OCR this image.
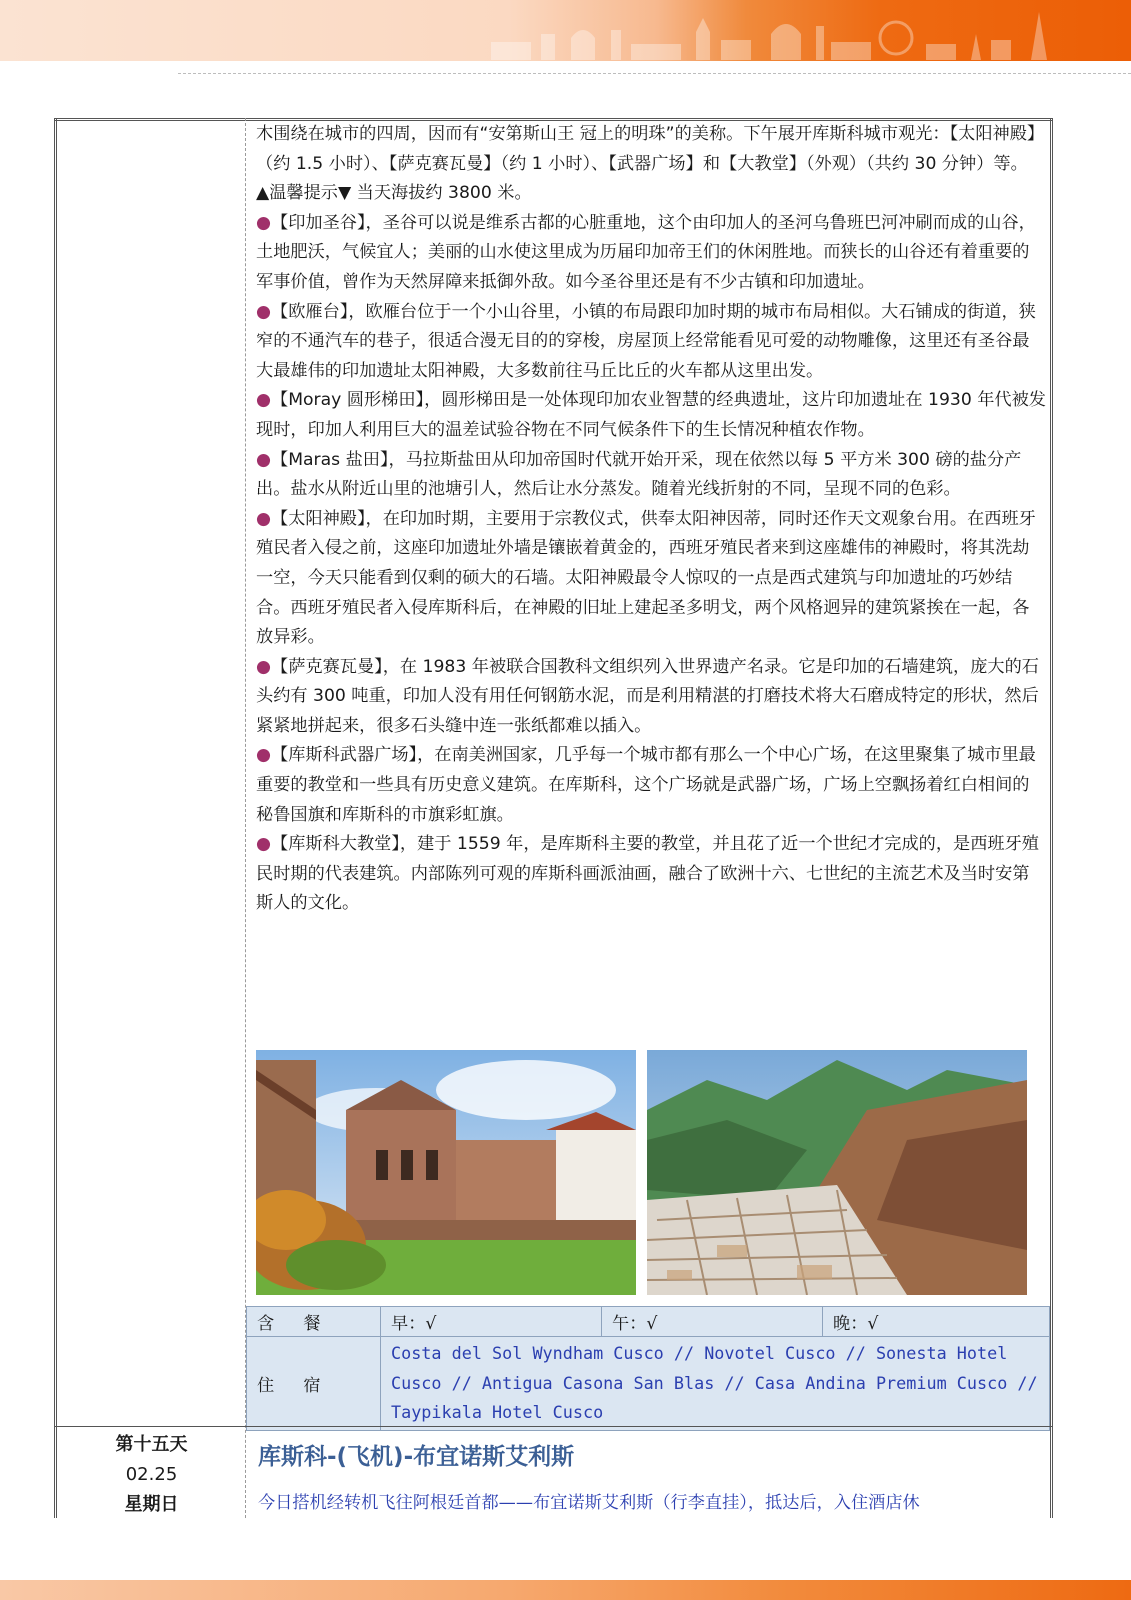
木围绕在城市的四周，因而有“安第斯山王 冠上的明珠”的美称。下午展开库斯科城市观光：【太阳神殿】（约 1.5 小时）、【萨克赛瓦曼】（约 1 小时）、【武器广场】和【大教堂】（外观）（共约 30 分钟）等。

▲温馨提示▼ 当天海拔约 3800 米。

●【印加圣谷】，圣谷可以说是维系古都的心脏重地，这个由印加人的圣河乌鲁班巴河冲刷而成的山谷，土地肥沃，气候宜人；美丽的山水使这里成为历届印加帝王们的休闲胜地。而狭长的山谷还有着重要的军事价值，曾作为天然屏障来抵御外敌。如今圣谷里还是有不少古镇和印加遗址。

●【欧雁台】，欧雁台位于一个小山谷里，小镇的布局跟印加时期的城市布局相似。大石铺成的街道，狭窄的不通汽车的巷子，很适合漫无目的的穿梭，房屋顶上经常能看见可爱的动物雕像，这里还有圣谷最大最雄伟的印加遗址太阳神殿，大多数前往马丘比丘的火车都从这里出发。

●【Moray 圆形梯田】，圆形梯田是一处体现印加农业智慧的经典遗址，这片印加遗址在 1930 年代被发现时，印加人利用巨大的温差试验谷物在不同气候条件下的生长情况种植农作物。

●【Maras 盐田】，马拉斯盐田从印加帝国时代就开始开采，现在依然以每 5 平方米 300 磅的盐分产出。盐水从附近山里的池塘引人，然后让水分蒸发。随着光线折射的不同，呈现不同的色彩。

●【太阳神殿】，在印加时期，主要用于宗教仪式，供奉太阳神因蒂，同时还作天文观象台用。在西班牙殖民者入侵之前，这座印加遗址外墙是镶嵌着黄金的，西班牙殖民者来到这座雄伟的神殿时，将其洗劫一空，今天只能看到仅剩的硕大的石墙。太阳神殿最令人惊叹的一点是西式建筑与印加遗址的巧妙结合。西班牙殖民者入侵库斯科后，在神殿的旧址上建起圣多明戈，两个风格迥异的建筑紧挨在一起，各放异彩。

●【萨克赛瓦曼】，在 1983 年被联合国教科文组织列入世界遗产名录。它是印加的石墙建筑，庞大的石头约有 300 吨重，印加人没有用任何钢筋水泥，而是利用精湛的打磨技术将大石磨成特定的形状，然后紧紧地拼起来，很多石头缝中连一张纸都难以插入。

●【库斯科武器广场】，在南美洲国家，几乎每一个城市都有那么一个中心广场，在这里聚集了城市里最重要的教堂和一些具有历史意义建筑。在库斯科，这个广场就是武器广场，广场上空飘扬着红白相间的秘鲁国旗和库斯科的市旗彩虹旗。

●【库斯科大教堂】，建于 1559 年，是库斯科主要的教堂，并且花了近一个世纪才完成的，是西班牙殖民时期的代表建筑。内部陈列可观的库斯科画派油画，融合了欧洲十六、七世纪的主流艺术及当时安第斯人的文化。

含　餐	早：√	午：√	晚：√
住　宿	Costa del Sol Wyndham Cusco // Novotel Cusco // Sonesta Hotel Cusco // Antigua Casona San Blas // Casa Andina Premium Cusco // Taypikala Hotel Cusco		
第十五天
02.25
星期日
库斯科-(飞机)-布宜诺斯艾利斯
今日搭机经转机飞往阿根廷首都——布宜诺斯艾利斯（行李直挂），抵达后，入住酒店休
